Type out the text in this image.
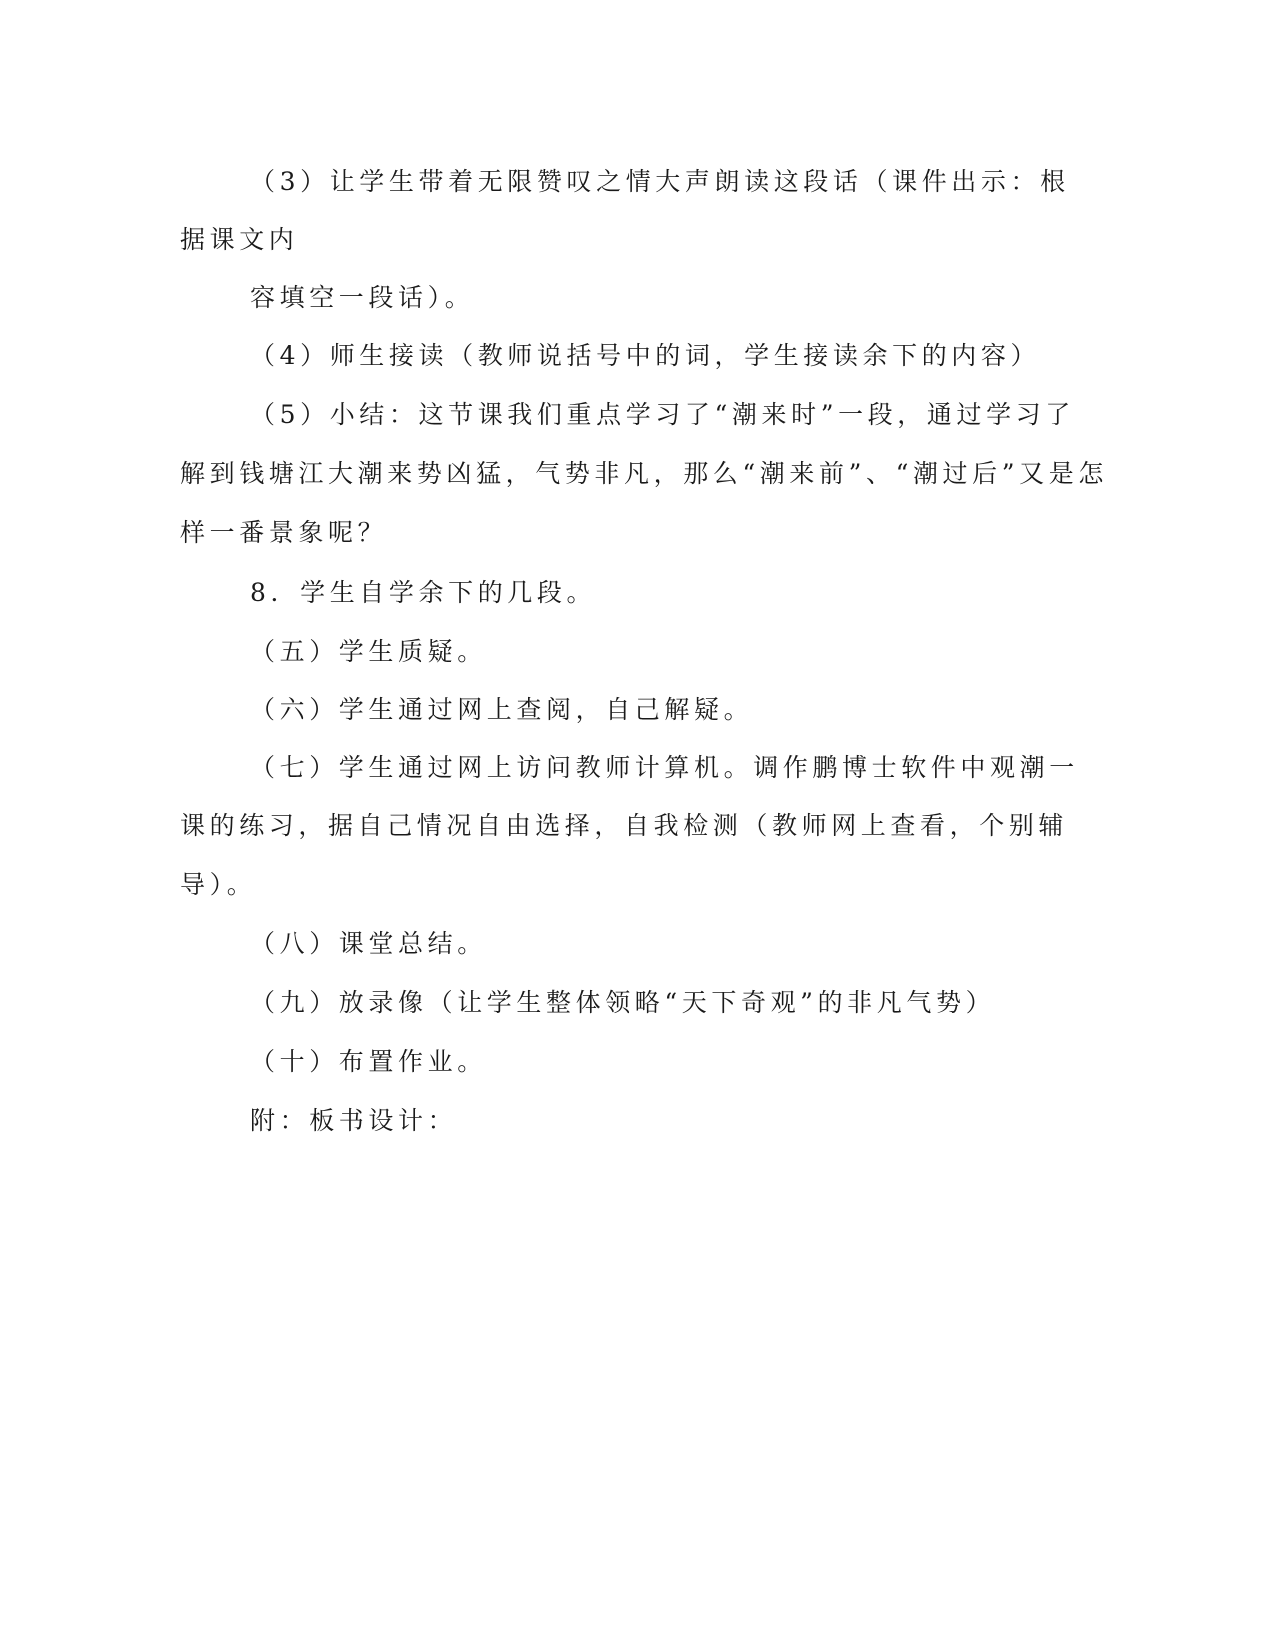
（3）让学生带着无限赞叹之情大声朗读这段话（课件出示：根

据课文内

容填空一段话）。

（4）师生接读（教师说括号中的词，学生接读余下的内容）

（5）小结：这节课我们重点学习了“潮来时”一段，通过学习了

解到钱塘江大潮来势凶猛，气势非凡，那么“潮来前”、“潮过后”又是怎

样一番景象呢？

8．学生自学余下的几段。

（五）学生质疑。

（六）学生通过网上查阅，自己解疑。

（七）学生通过网上访问教师计算机。调作鹏博士软件中观潮一

课的练习，据自己情况自由选择，自我检测（教师网上查看，个别辅

导）。

（八）课堂总结。

（九）放录像（让学生整体领略“天下奇观”的非凡气势）

（十）布置作业。

附：板书设计：
